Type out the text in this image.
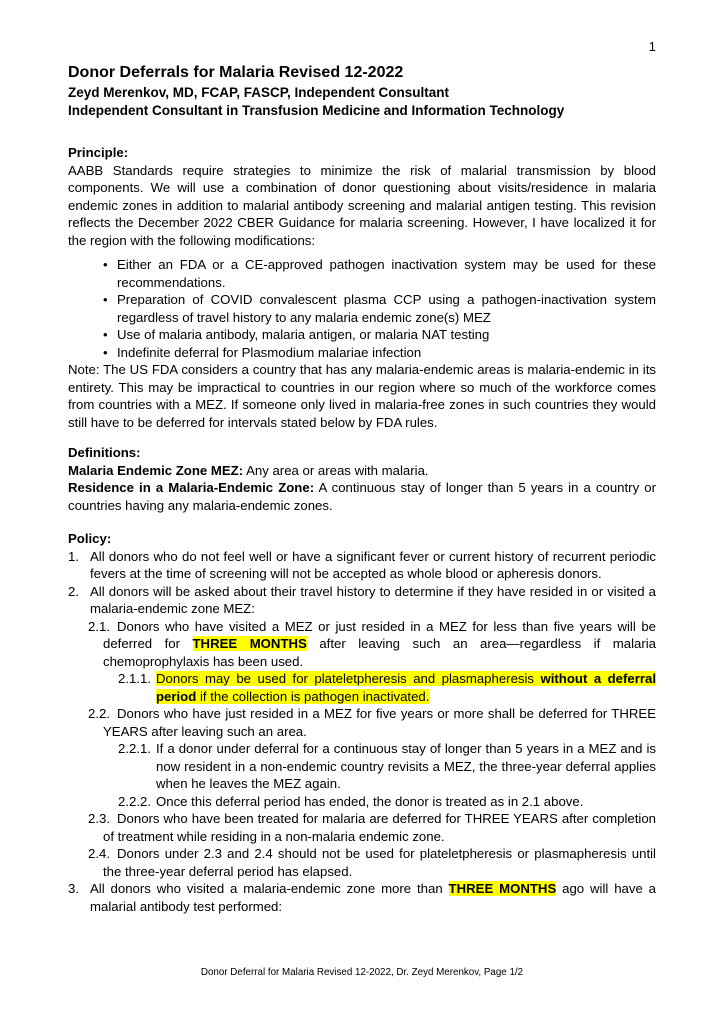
1
Donor Deferrals for Malaria Revised 12-2022
Zeyd Merenkov, MD, FCAP, FASCP, Independent Consultant
Independent Consultant in Transfusion Medicine and Information Technology
Principle:

AABB Standards require strategies to minimize the risk of malarial transmission by blood components. We will use a combination of donor questioning about visits/residence in malaria endemic zones in addition to malarial antibody screening and malarial antigen testing. This revision reflects the December 2022 CBER Guidance for malaria screening. However, I have localized it for the region with the following modifications:

• Either an FDA or a CE-approved pathogen inactivation system may be used for these recommendations.
• Preparation of COVID convalescent plasma CCP using a pathogen-inactivation system regardless of travel history to any malaria endemic zone(s) MEZ
• Use of malaria antibody, malaria antigen, or malaria NAT testing
• Indefinite deferral for Plasmodium malariae infection

Note: The US FDA considers a country that has any malaria-endemic areas is malaria-endemic in its entirety. This may be impractical to countries in our region where so much of the workforce comes from countries with a MEZ. If someone only lived in malaria-free zones in such countries they would still have to be deferred for intervals stated below by FDA rules.

Definitions:

Malaria Endemic Zone MEZ: Any area or areas with malaria.

Residence in a Malaria-Endemic Zone: A continuous stay of longer than 5 years in a country or countries having any malaria-endemic zones.

Policy:
1. All donors who do not feel well or have a significant fever or current history of recurrent periodic fevers at the time of screening will not be accepted as whole blood or apheresis donors.
2. All donors will be asked about their travel history to determine if they have resided in or visited a malaria-endemic zone MEZ:
2.1. Donors who have visited a MEZ or just resided in a MEZ for less than five years will be deferred for THREE MONTHS after leaving such an area—regardless if malaria chemoprophylaxis has been used.
2.1.1. Donors may be used for plateletpheresis and plasmapheresis without a deferral period if the collection is pathogen inactivated.
2.2. Donors who have just resided in a MEZ for five years or more shall be deferred for THREE YEARS after leaving such an area.
2.2.1. If a donor under deferral for a continuous stay of longer than 5 years in a MEZ and is now resident in a non-endemic country revisits a MEZ, the three-year deferral applies when he leaves the MEZ again.
2.2.2. Once this deferral period has ended, the donor is treated as in 2.1 above.
2.3. Donors who have been treated for malaria are deferred for THREE YEARS after completion of treatment while residing in a non-malaria endemic zone.
2.4. Donors under 2.3 and 2.4 should not be used for plateletpheresis or plasmapheresis until the three-year deferral period has elapsed.
3. All donors who visited a malaria-endemic zone more than THREE MONTHS ago will have a malarial antibody test performed:
Donor Deferral for Malaria Revised 12-2022, Dr. Zeyd Merenkov, Page 1/2
